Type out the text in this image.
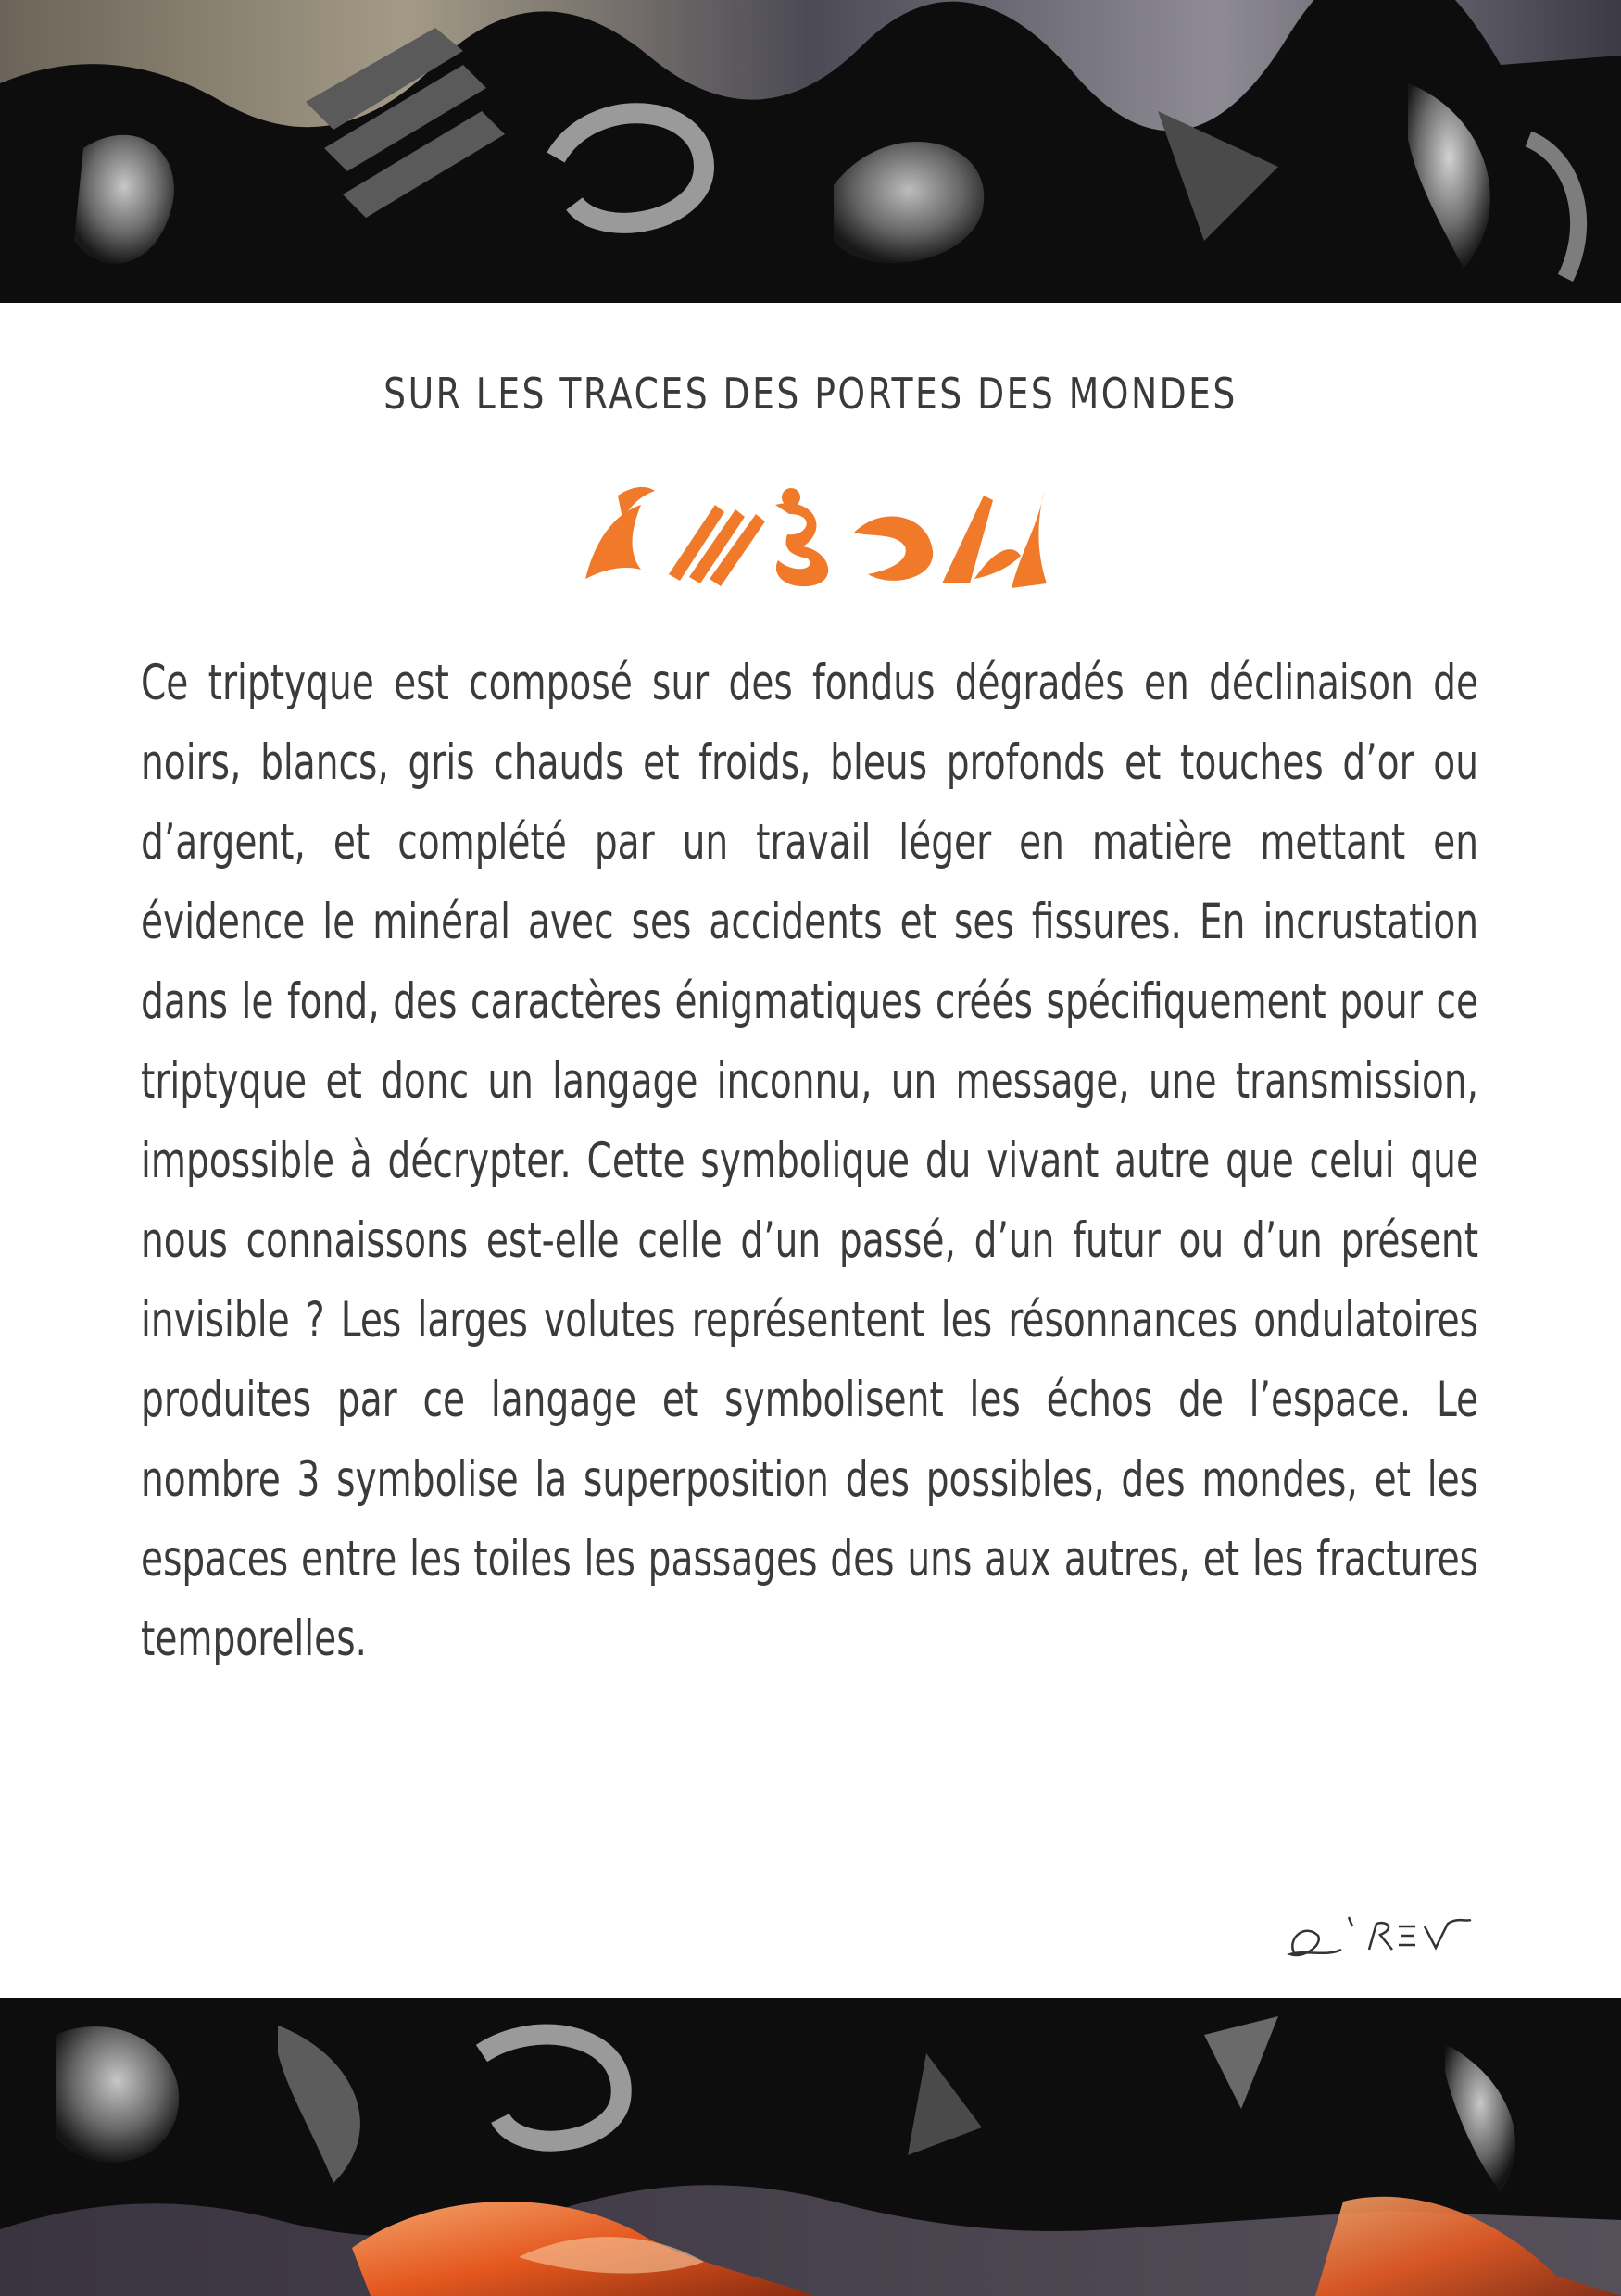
SUR LES TRACES DES PORTES DES MONDES
Ce triptyque est composé sur des fondus dégradés en déclinaison de noirs, blancs, gris chauds et froids, bleus profonds et touches d’or ou d’argent, et complété par un travail léger en matière mettant en évidence le minéral avec ses accidents et ses fissures. En incrustation dans le fond, des caractères énigmatiques créés spécifiquement pour ce triptyque et donc un langage inconnu, un message, une transmission, impossible à décrypter. Cette symbolique du vivant autre que celui que nous connaissons est-elle celle d’un passé, d’un futur ou d’un présent invisible ? Les larges volutes représentent les résonnances ondulatoires produites par ce langage et symbolisent les échos de l’espace. Le nombre 3 symbolise la superposition des possibles, des mondes, et les espaces entre les toiles les passages des uns aux autres, et les fractures temporelles.
